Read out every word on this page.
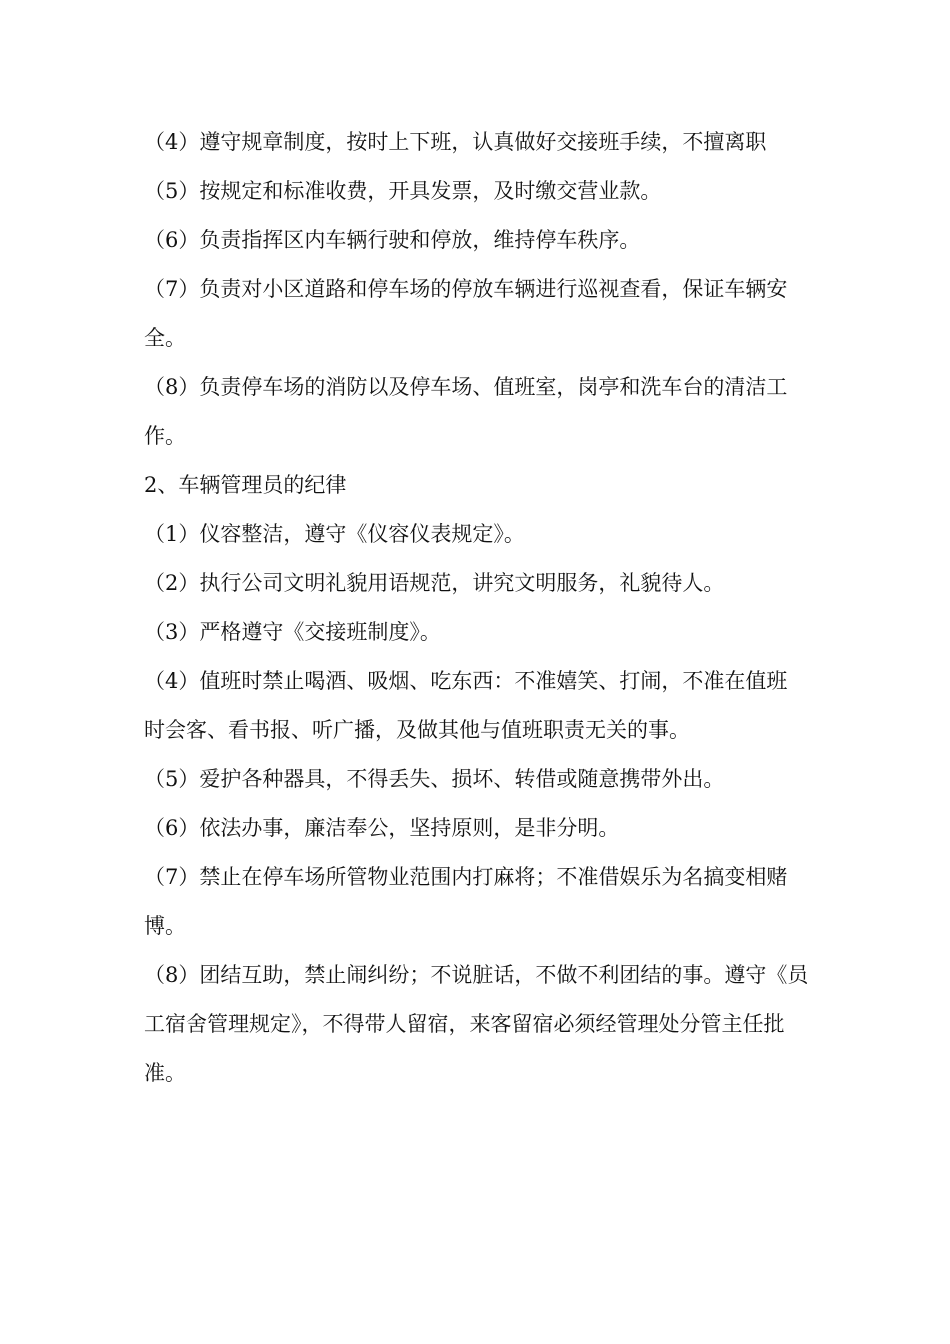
（4）遵守规章制度，按时上下班，认真做好交接班手续，不擅离职

（5）按规定和标准收费，开具发票，及时缴交营业款。

（6）负责指挥区内车辆行驶和停放，维持停车秩序。

（7）负责对小区道路和停车场的停放车辆进行巡视查看，保证车辆安

全。

（8）负责停车场的消防以及停车场、值班室，岗亭和洗车台的清洁工

作。

2、车辆管理员的纪律

（1）仪容整洁，遵守《仪容仪表规定》。

（2）执行公司文明礼貌用语规范，讲究文明服务，礼貌待人。

（3）严格遵守《交接班制度》。

（4）值班时禁止喝酒、吸烟、吃东西：不准嬉笑、打闹，不准在值班

时会客、看书报、听广播，及做其他与值班职责无关的事。

（5）爱护各种器具，不得丢失、损坏、转借或随意携带外出。

（6）依法办事，廉洁奉公，坚持原则，是非分明。

（7）禁止在停车场所管物业范围内打麻将；不准借娱乐为名搞变相赌

博。

（8）团结互助，禁止闹纠纷；不说脏话，不做不利团结的事。遵守《员

工宿舍管理规定》，不得带人留宿，来客留宿必须经管理处分管主任批

准。
